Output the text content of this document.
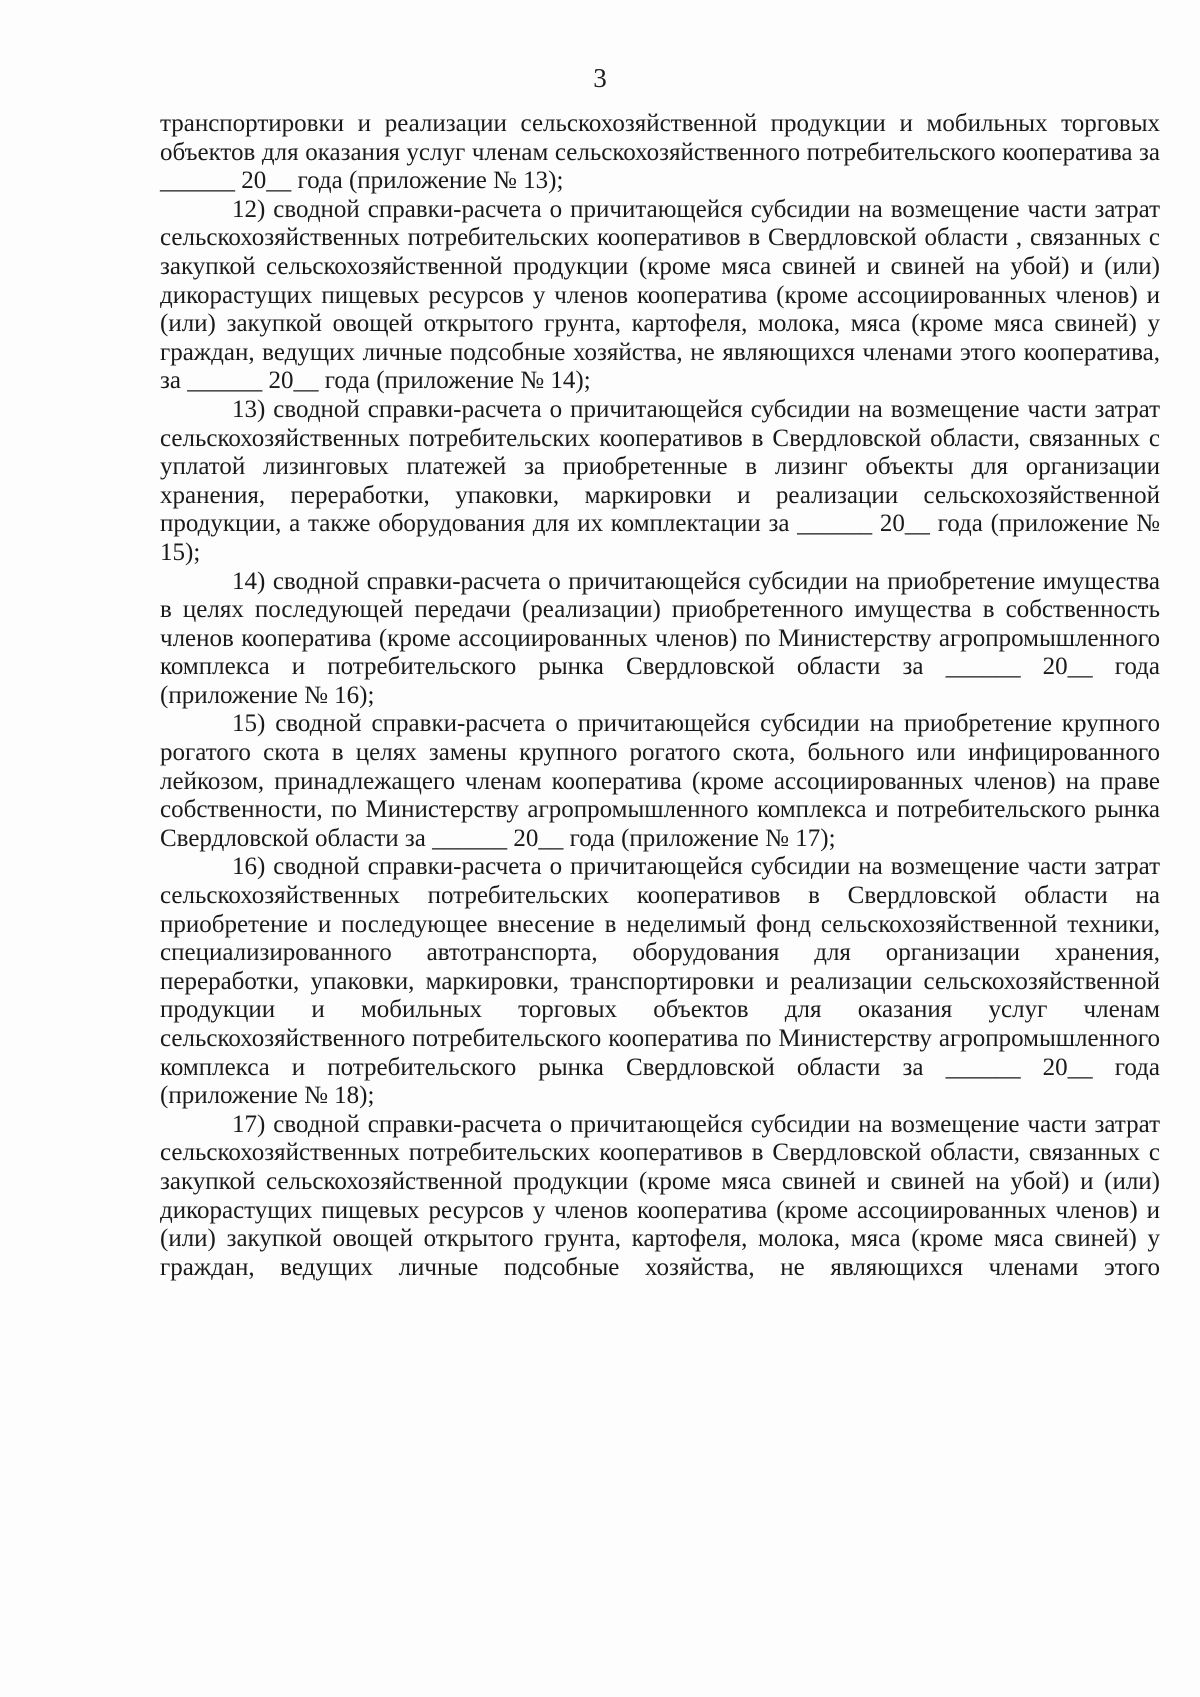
3

транспортировки и реализации сельскохозяйственной продукции и мобильных торговых объектов для оказания услуг членам сельскохозяйственного потребительского кооператива за ______ 20__ года (приложение № 13);

12) сводной справки-расчета о причитающейся субсидии на возмещение части затрат сельскохозяйственных потребительских кооперативов в Свердловской области , связанных с закупкой сельскохозяйственной продукции (кроме мяса свиней и свиней на убой) и (или) дикорастущих пищевых ресурсов у членов кооператива (кроме ассоциированных членов) и (или) закупкой овощей открытого грунта, картофеля, молока, мяса (кроме мяса свиней) у граждан, ведущих личные подсобные хозяйства, не являющихся членами этого кооператива, за ______ 20__ года (приложение № 14);

13) сводной справки-расчета о причитающейся субсидии на возмещение части затрат сельскохозяйственных потребительских кооперативов в Свердловской области, связанных с уплатой лизинговых платежей за приобретенные в лизинг объекты для организации хранения, переработки, упаковки, маркировки и реализации сельскохозяйственной продукции, а также оборудования для их комплектации за ______ 20__ года (приложение № 15);

14) сводной справки-расчета о причитающейся субсидии на приобретение имущества в целях последующей передачи (реализации) приобретенного имущества в собственность членов кооператива (кроме ассоциированных членов) по Министерству агропромышленного комплекса и потребительского рынка Свердловской области за ______ 20__ года (приложение № 16);

15) сводной справки-расчета о причитающейся субсидии на приобретение крупного рогатого скота в целях замены крупного рогатого скота, больного или инфицированного лейкозом, принадлежащего членам кооператива (кроме ассоциированных членов) на праве собственности, по Министерству агропромышленного комплекса и потребительского рынка Свердловской области за ______ 20__ года (приложение № 17);

16) сводной справки-расчета о причитающейся субсидии на возмещение части затрат сельскохозяйственных потребительских кооперативов в Свердловской области на приобретение и последующее внесение в неделимый фонд сельскохозяйственной техники, специализированного автотранспорта, оборудования для организации хранения, переработки, упаковки, маркировки, транспортировки и реализации сельскохозяйственной продукции и мобильных торговых объектов для оказания услуг членам сельскохозяйственного потребительского кооператива по Министерству агропромышленного комплекса и потребительского рынка Свердловской области за ______ 20__ года (приложение № 18);

17) сводной справки-расчета о причитающейся субсидии на возмещение части затрат сельскохозяйственных потребительских кооперативов в Свердловской области, связанных с закупкой сельскохозяйственной продукции (кроме мяса свиней и свиней на убой) и (или) дикорастущих пищевых ресурсов у членов кооператива (кроме ассоциированных членов) и (или) закупкой овощей открытого грунта, картофеля, молока, мяса (кроме мяса свиней) у граждан, ведущих личные подсобные хозяйства, не являющихся членами этого
